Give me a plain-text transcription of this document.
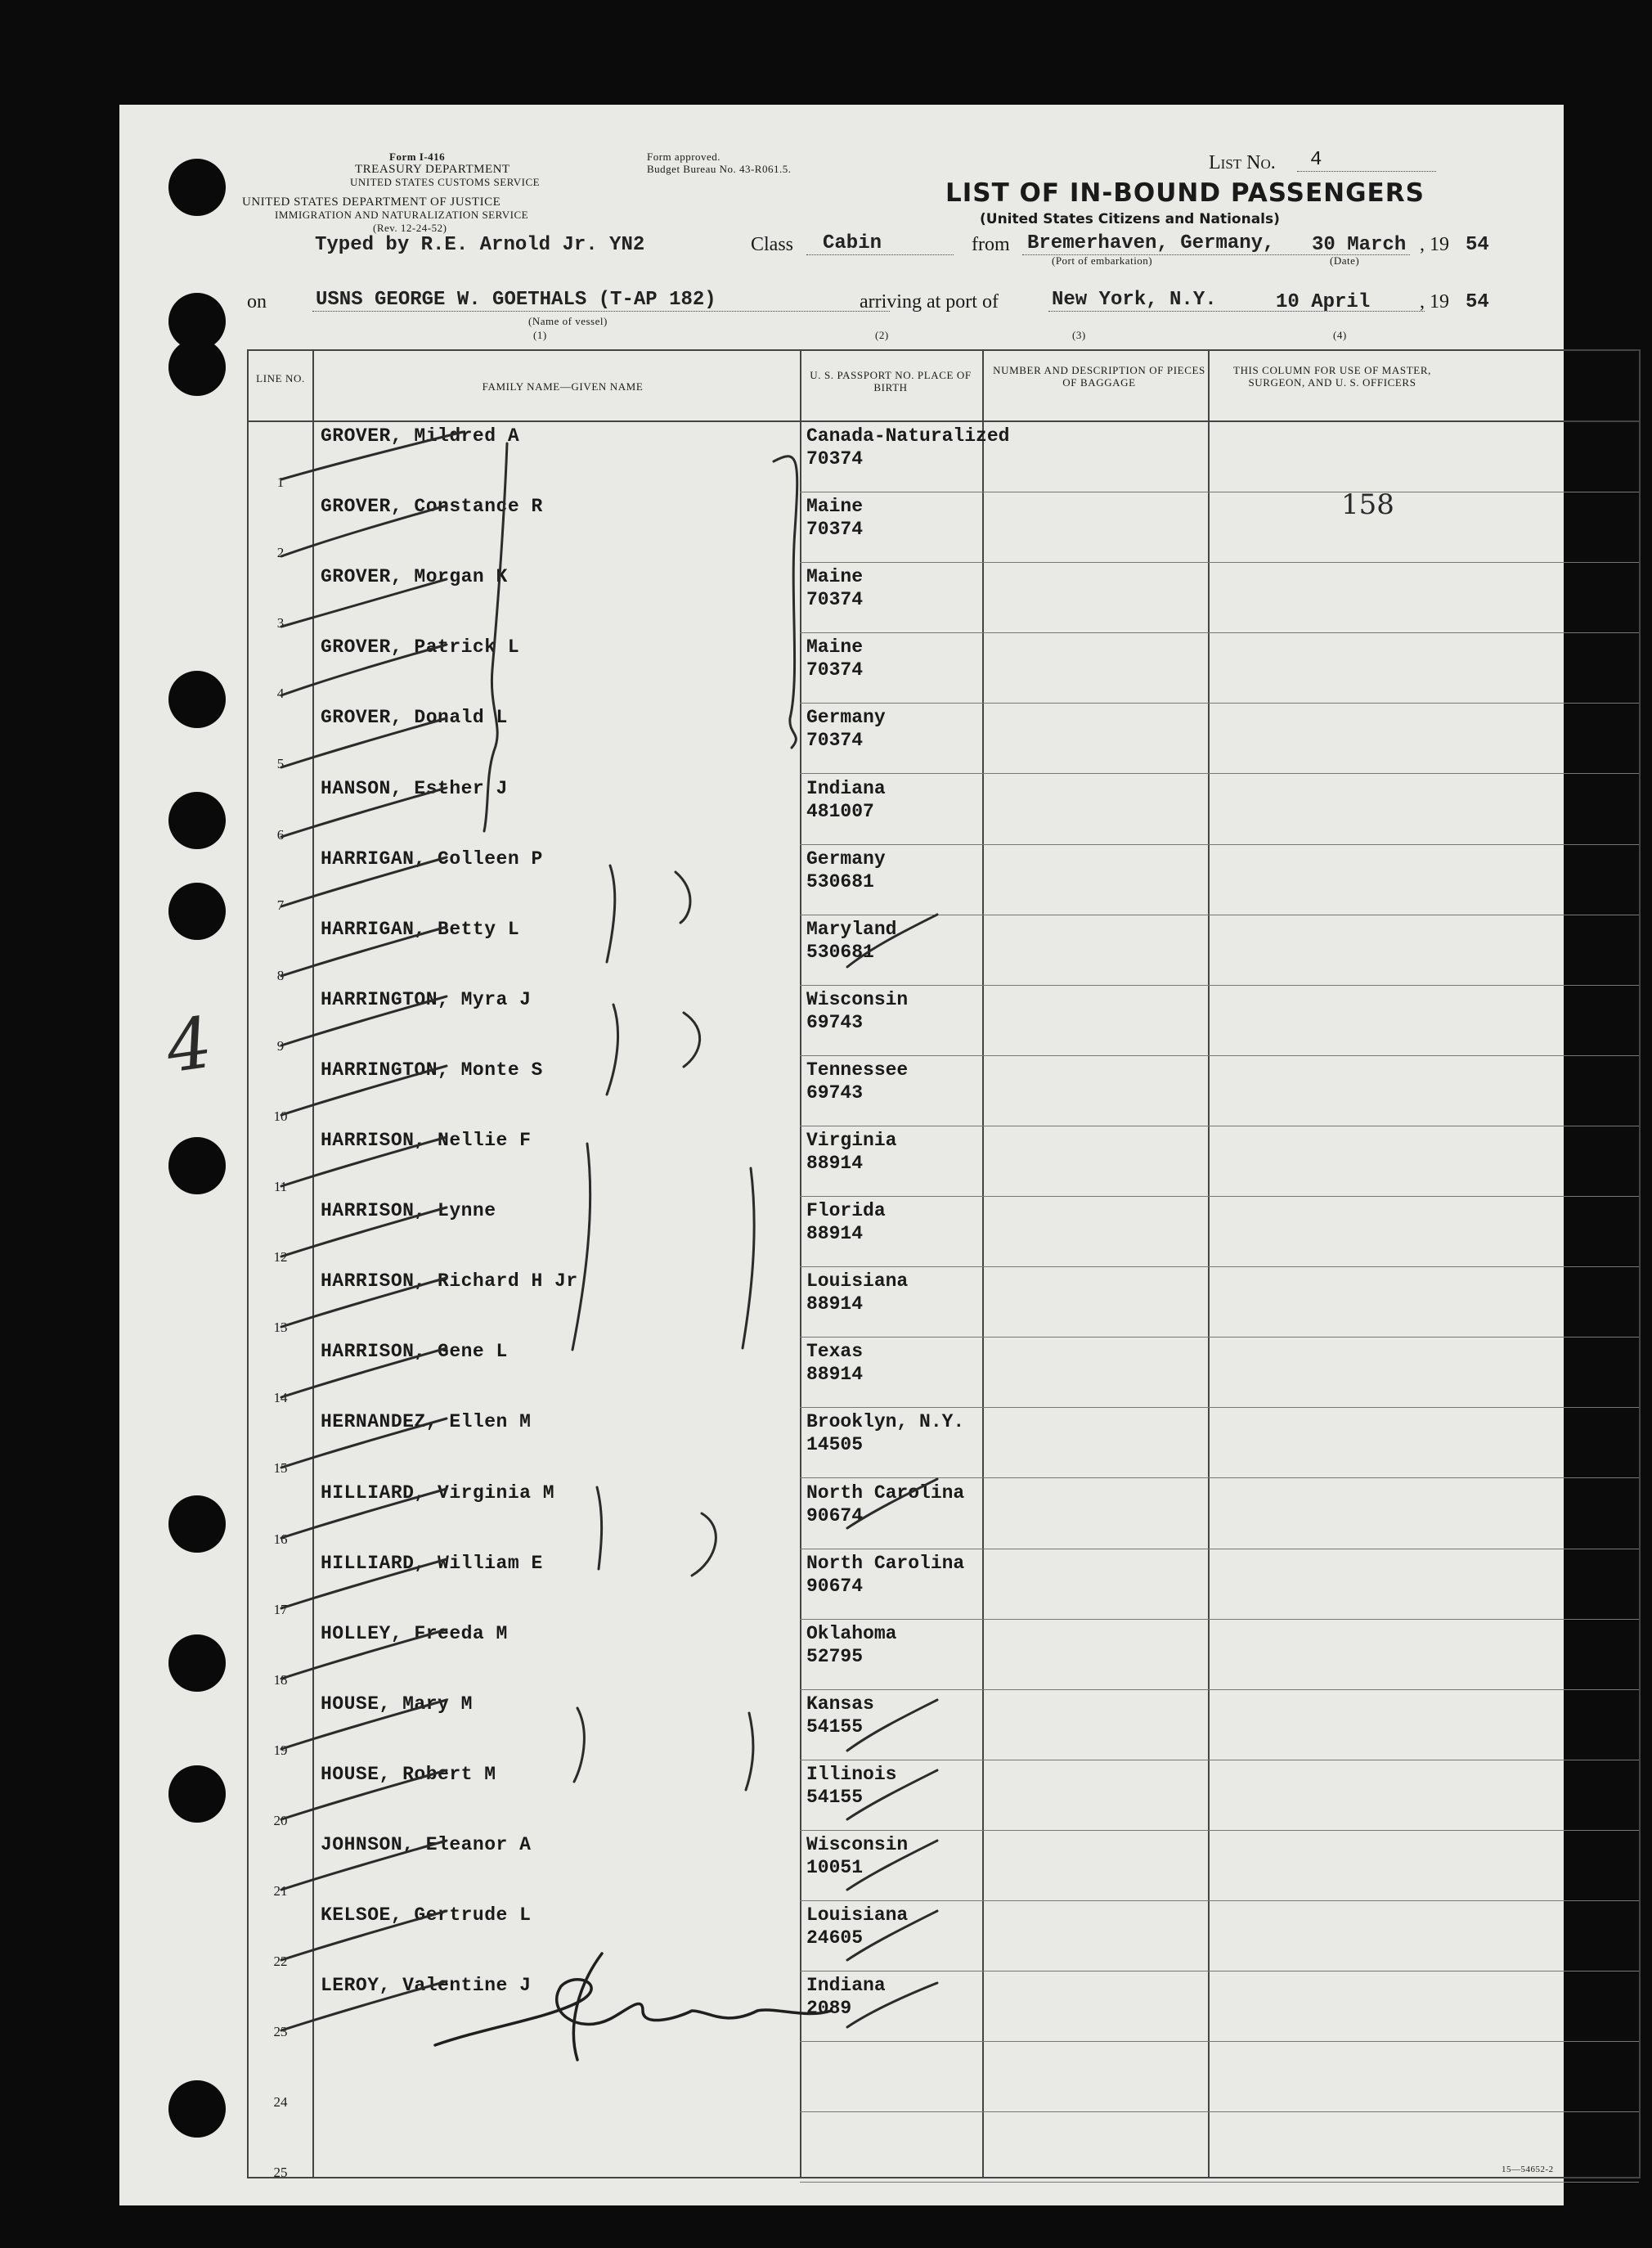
Form I-416
TREASURY DEPARTMENT
UNITED STATES CUSTOMS SERVICE
UNITED STATES DEPARTMENT OF JUSTICE
IMMIGRATION AND NATURALIZATION SERVICE
(Rev. 12-24-52)
Form approved.
Budget Bureau No. 43-R061.5.	List No.	4
LIST OF IN-BOUND PASSENGERS
(United States Citizens and Nationals)
Typed by R.E. Arnold Jr. YN2	Class	Cabin	from Bremerhaven, Germany,
(Port of embarkation)
30 March
(Date)
, 19 54
on	USNS GEORGE W. GOETHALS (T-AP 182)
(Name of vessel)
arriving at port of	New York, N.Y.	10 April	, 19 54
(1)	(2)	(3)	(4)
LINE NO.
FAMILY NAME—GIVEN NAME
U. S. PASSPORT NO. PLACE OF BIRTH
NUMBER AND DESCRIPTION OF PIECES OF BAGGAGE
THIS COLUMN FOR USE OF MASTER, SURGEON, AND U. S. OFFICERS
1
GROVER, Mildred A	Canada-Naturalized
70374
2
GROVER, Constance R	Maine
70374
3
GROVER, Morgan K	Maine
70374
4
GROVER, Patrick L	Maine
70374
5
GROVER, Donald L	Germany
70374
6
HANSON, Esther J	Indiana
481007
7
HARRIGAN, Colleen P	Germany
530681
8
HARRIGAN, Betty L	Maryland
530681
9
HARRINGTON, Myra J	Wisconsin
69743
10
HARRINGTON, Monte S	Tennessee
69743
11
HARRISON, Nellie F	Virginia
88914
12
HARRISON, Lynne	Florida
88914
13
HARRISON, Richard H Jr	Louisiana
88914
14
HARRISON, Gene L	Texas
88914
15
HERNANDEZ, Ellen M	Brooklyn, N.Y.
14505
16
HILLIARD, Virginia M	North Carolina
90674
17
HILLIARD, William E	North Carolina
90674
18
HOLLEY, Freeda M	Oklahoma
52795
19
HOUSE, Mary M	Kansas
54155
20
HOUSE, Robert M	Illinois
54155
21
JOHNSON, Eleanor A	Wisconsin
10051
22
KELSOE, Gertrude L	Louisiana
24605
23
LEROY, Valentine J	Indiana
2089
24
25
158
4
15—54652-2
